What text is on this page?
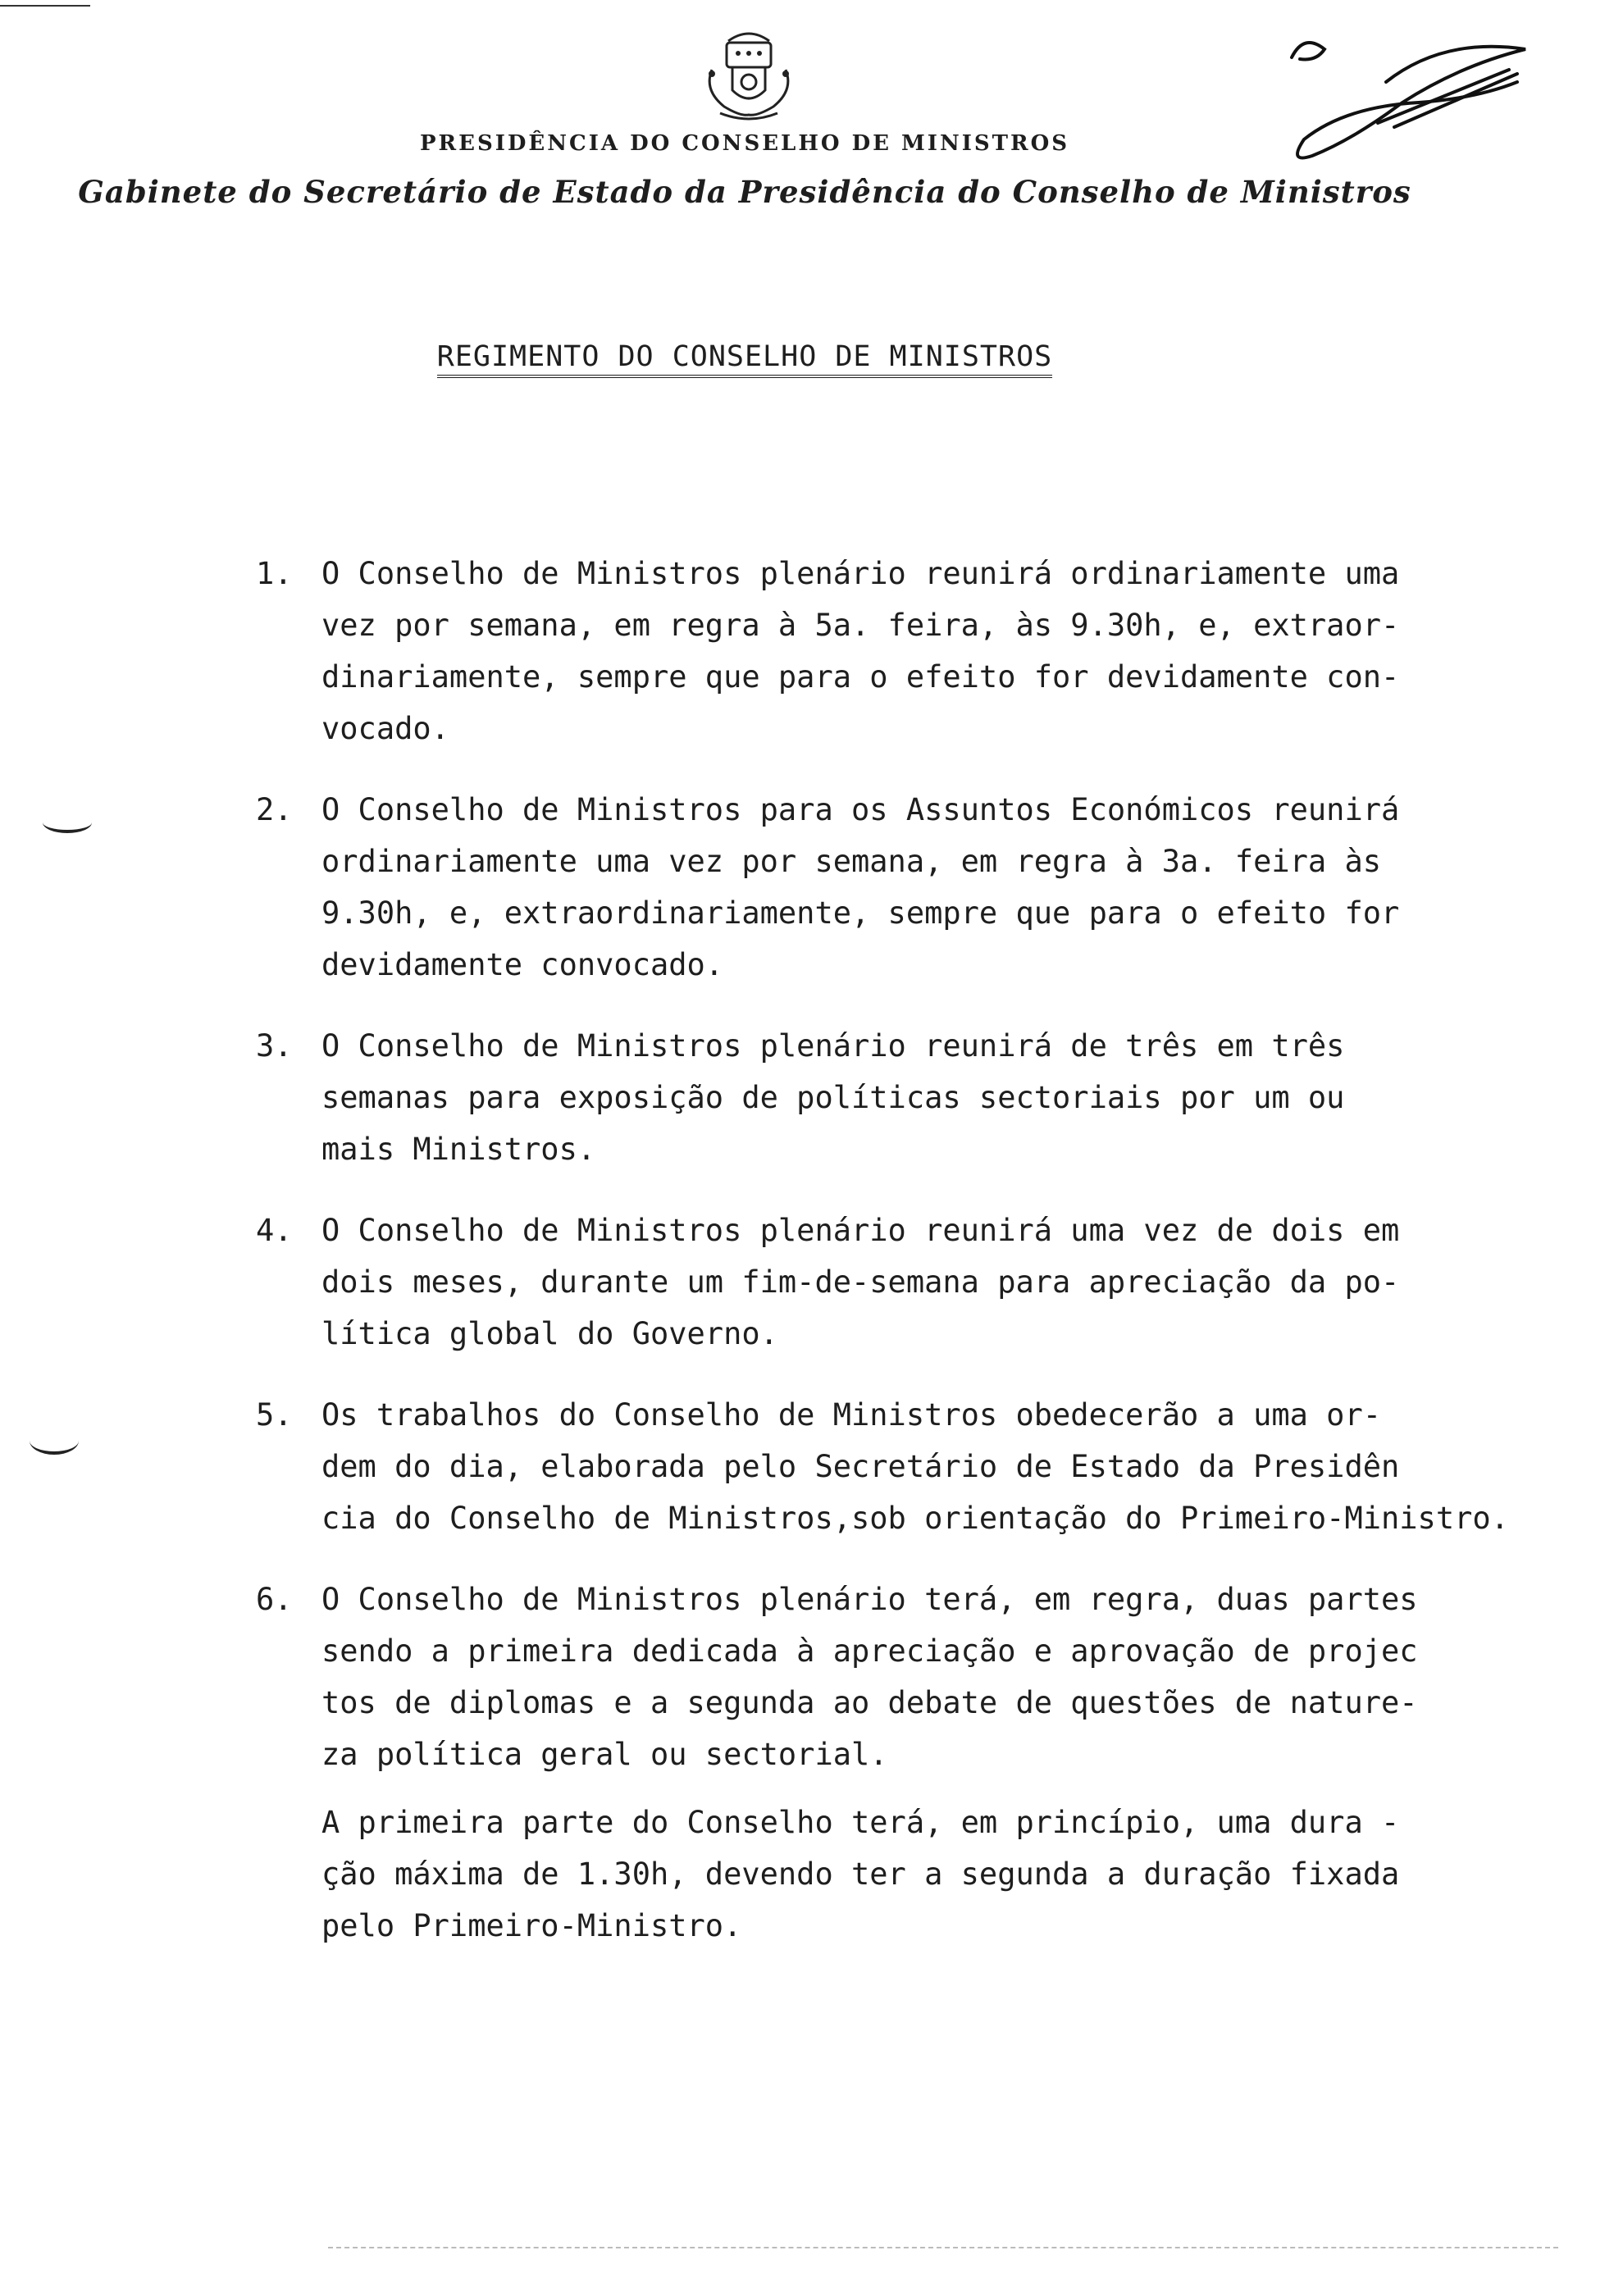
PRESIDÊNCIA DO CONSELHO DE MINISTROS
Gabinete do Secretário de Estado da Presidência do Conselho de Ministros
REGIMENTO DO CONSELHO DE MINISTROS
1. O Conselho de Ministros plenário reunirá ordinariamente uma
vez por semana, em regra à 5a. feira, às 9.30h, e, extraor-
dinariamente, sempre que para o efeito for devidamente con-
vocado.
2. O Conselho de Ministros para os Assuntos Económicos reunirá
ordinariamente uma vez por semana, em regra à 3a. feira às
9.30h, e, extraordinariamente, sempre que para o efeito for
devidamente convocado.
3. O Conselho de Ministros plenário reunirá de três em três
semanas para exposição de políticas sectoriais por um ou
mais Ministros.
4. O Conselho de Ministros plenário reunirá uma vez de dois em
dois meses, durante um fim-de-semana para apreciação da po-
lítica global do Governo.
5. Os trabalhos do Conselho de Ministros obedecerão a uma or-
dem do dia, elaborada pelo Secretário de Estado da Presidên
cia do Conselho de Ministros,sob orientação do Primeiro-Ministro.
6. O Conselho de Ministros plenário terá, em regra, duas partes
sendo a primeira dedicada à apreciação e aprovação de projec
tos de diplomas e a segunda ao debate de questões de nature-
za política geral ou sectorial.
A primeira parte do Conselho terá, em princípio, uma dura -
ção máxima de 1.30h, devendo ter a segunda a duração fixada
pelo Primeiro-Ministro.
